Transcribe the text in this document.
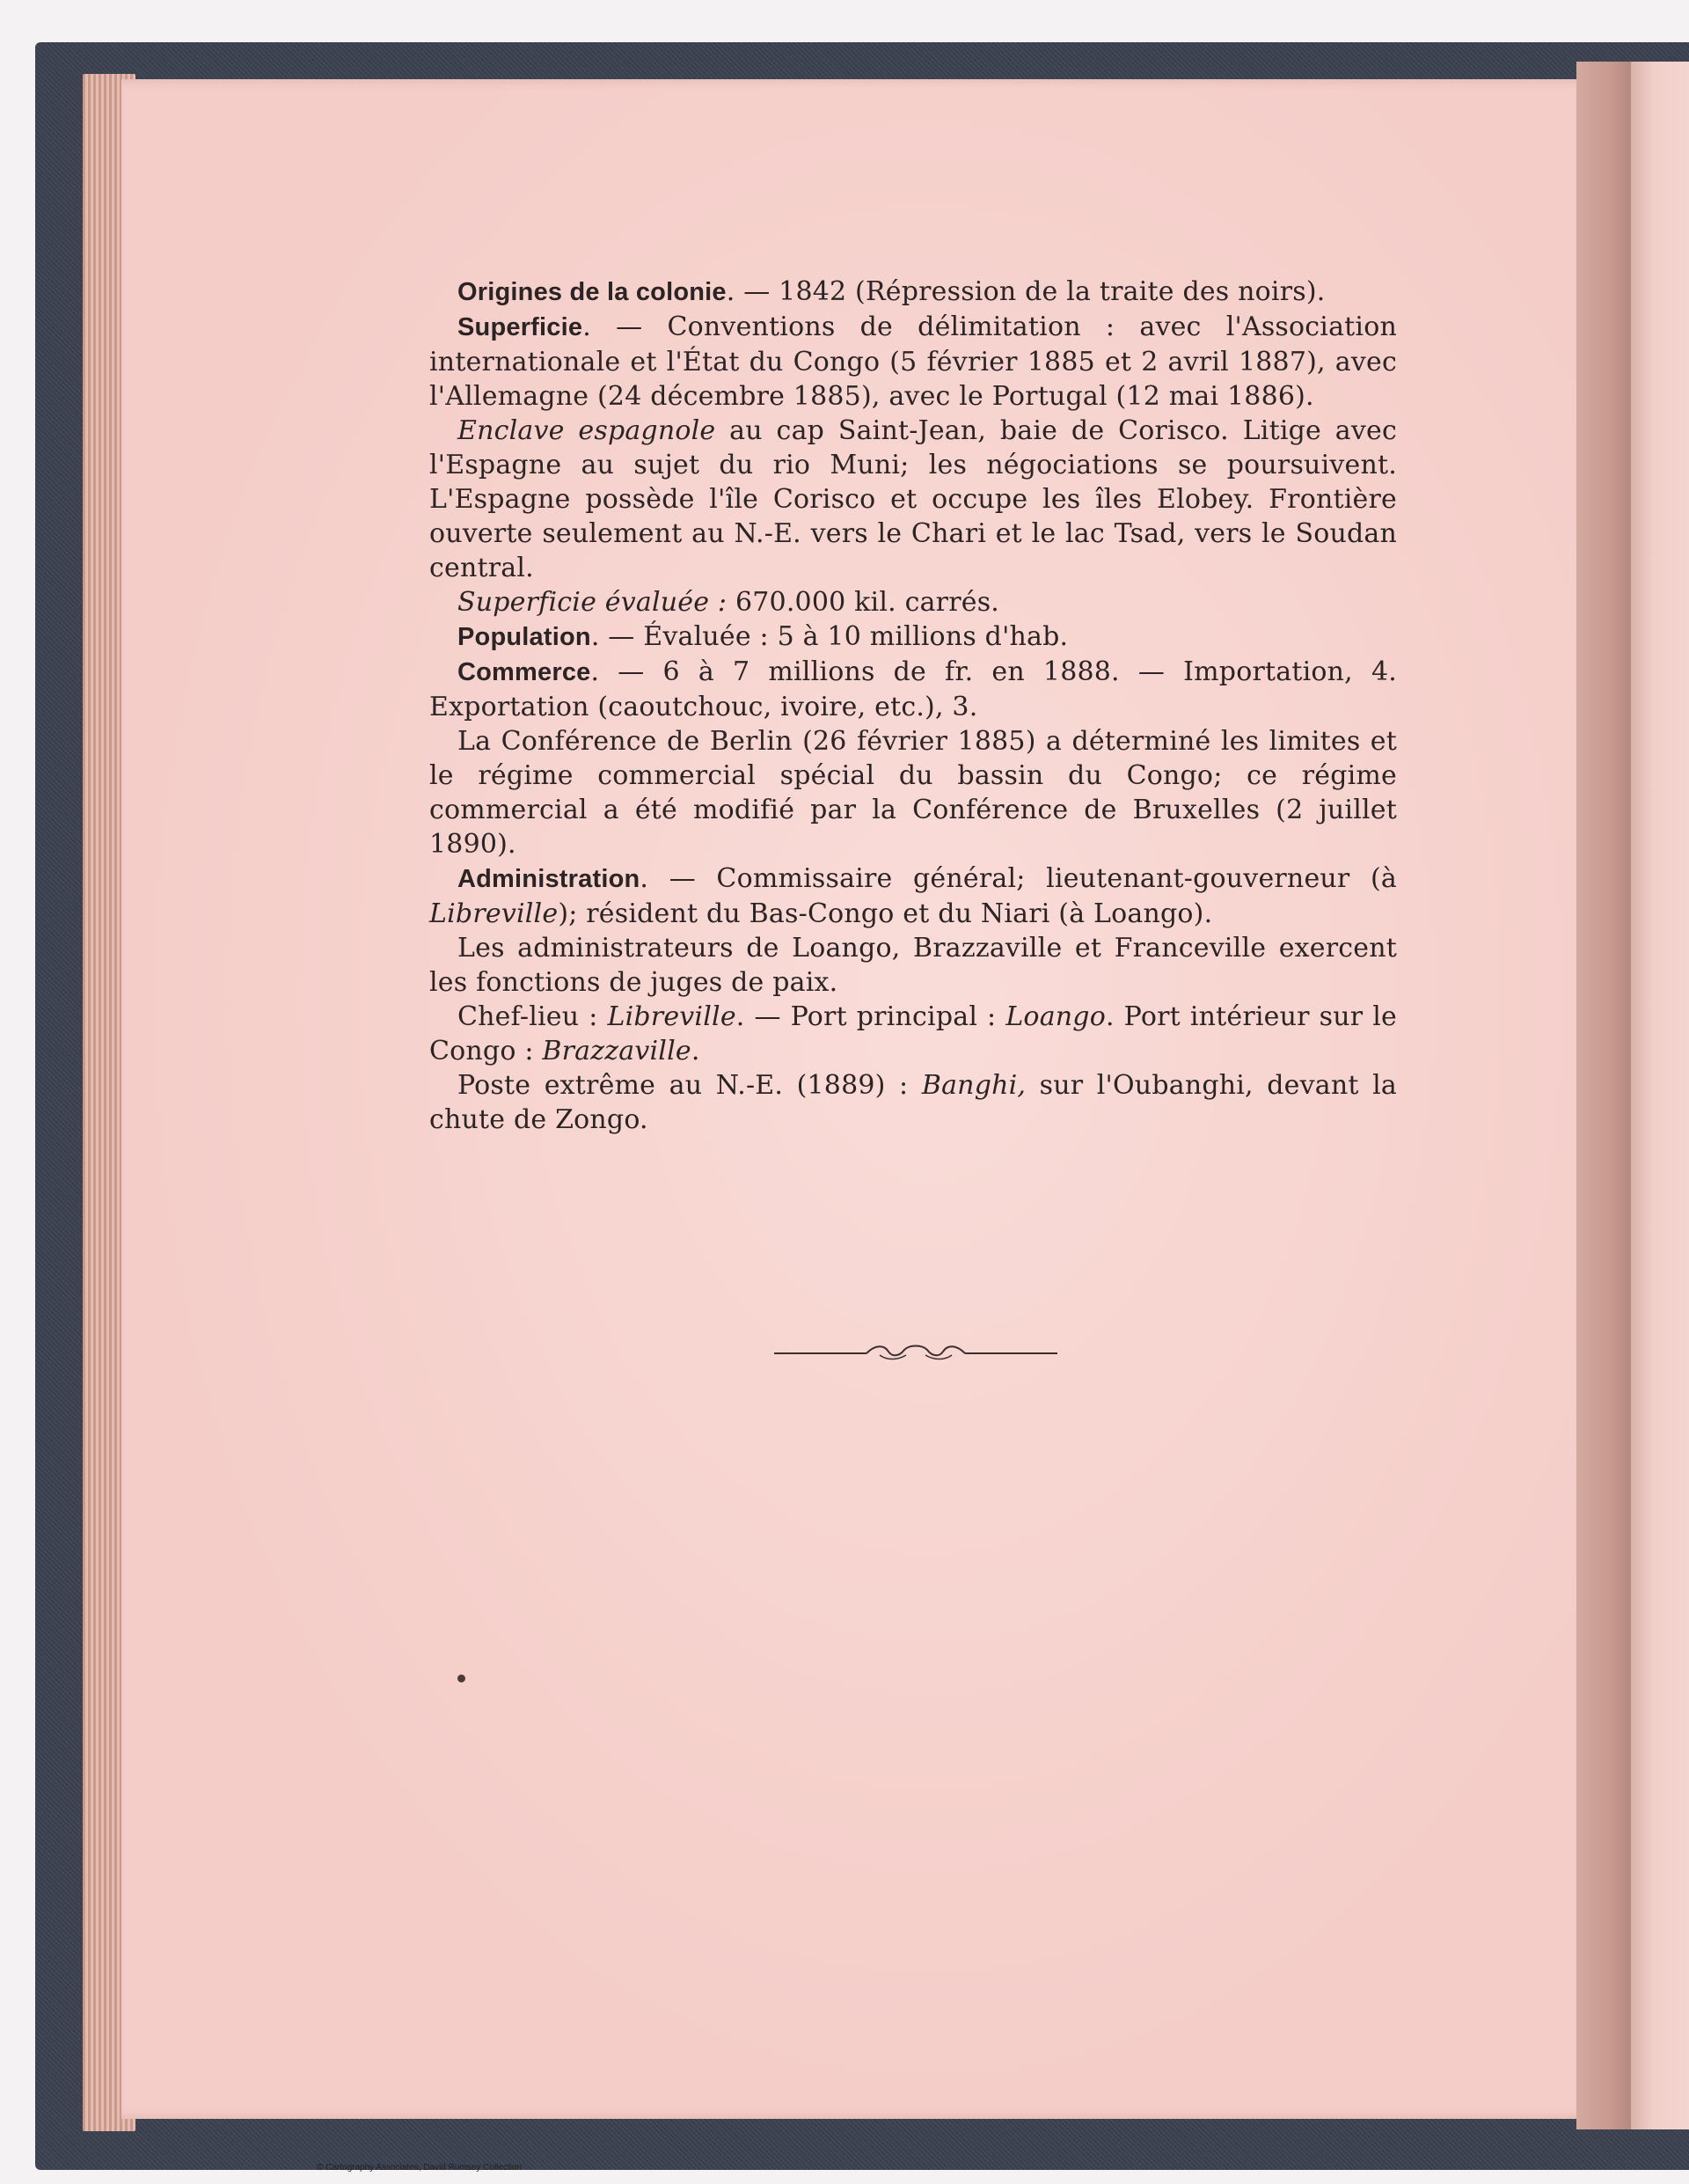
Origines de la colonie. — 1842 (Répression de la traite des noirs).

Superficie. — Conventions de délimitation : avec l'Association internationale et l'État du Congo (5 février 1885 et 2 avril 1887), avec l'Allemagne (24 décembre 1885), avec le Portugal (12 mai 1886).

Enclave espagnole au cap Saint-Jean, baie de Corisco. Litige avec l'Espagne au sujet du rio Muni; les négociations se poursuivent. L'Espagne possède l'île Corisco et occupe les îles Elobey. Frontière ouverte seulement au N.-E. vers le Chari et le lac Tsad, vers le Soudan central.

Superficie évaluée : 670.000 kil. carrés.

Population. — Évaluée : 5 à 10 millions d'hab.

Commerce. — 6 à 7 millions de fr. en 1888. — Importation, 4. Exportation (caoutchouc, ivoire, etc.), 3.

La Conférence de Berlin (26 février 1885) a déterminé les limites et le régime commercial spécial du bassin du Congo; ce régime commercial a été modifié par la Conférence de Bruxelles (2 juillet 1890).

Administration. — Commissaire général; lieutenant-gouverneur (à Libreville); résident du Bas-Congo et du Niari (à Loango).

Les administrateurs de Loango, Brazzaville et Franceville exercent les fonctions de juges de paix.

Chef-lieu : Libreville. — Port principal : Loango. Port intérieur sur le Congo : Brazzaville.

Poste extrême au N.-E. (1889) : Banghi, sur l'Oubanghi, devant la chute de Zongo.

© Cartography Associates, David Rumsey Collection
